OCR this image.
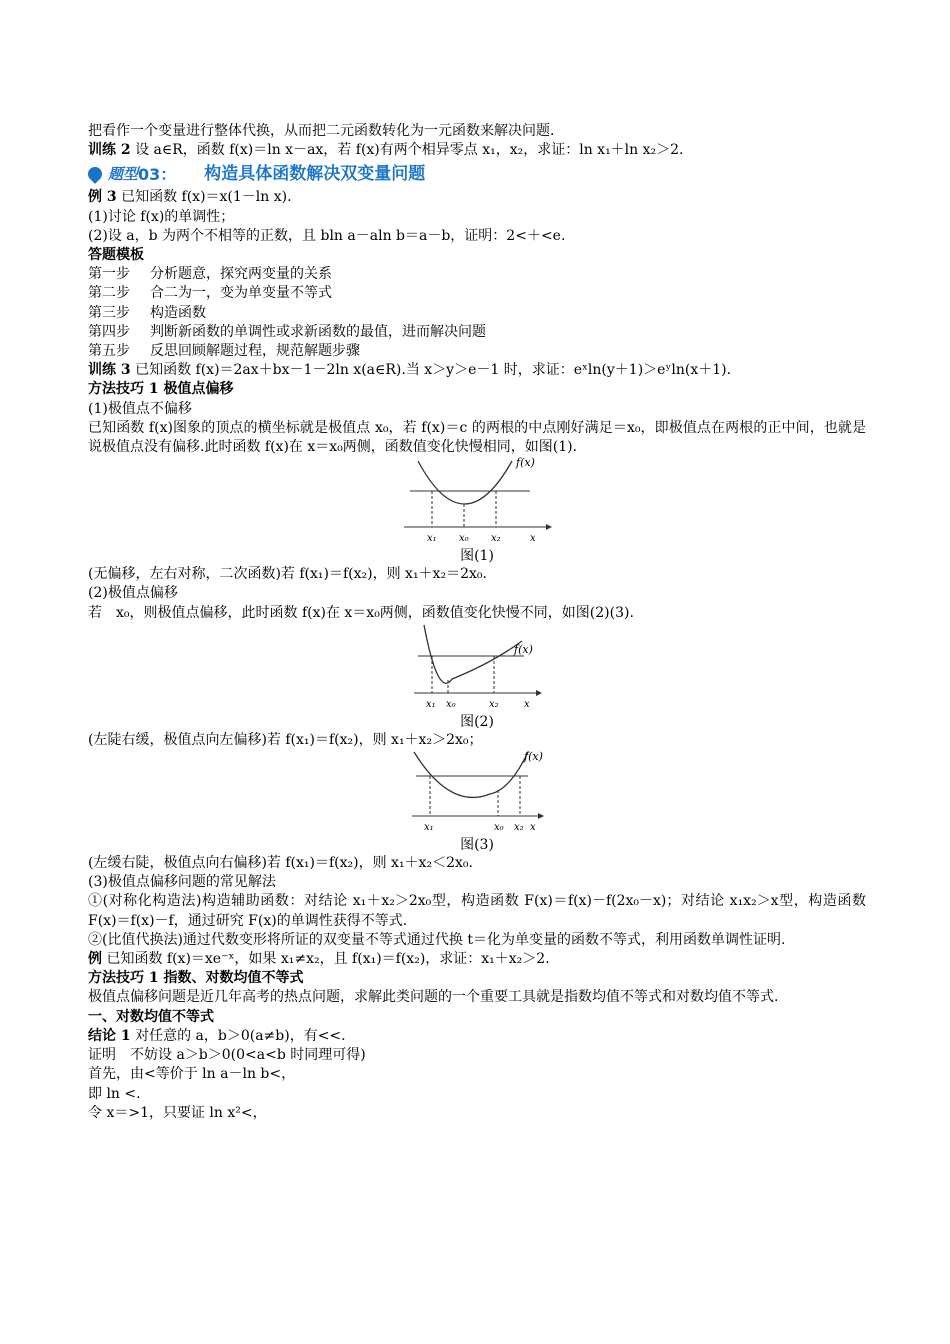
把看作一个变量进行整体代换，从而把二元函数转化为一元函数来解决问题.
训练 2 设 a∈R，函数 f(x)＝ln x－ax，若 f(x)有两个相异零点 x₁，x₂，求证：ln x₁＋ln x₂＞2.
题型 03： 构造具体函数解决双变量问题
例 3 已知函数 f(x)＝x(1－ln x).
(1)讨论 f(x)的单调性；
(2)设 a，b 为两个不相等的正数，且 bln a－aln b＝a－b，证明：2<＋<e.
答题模板
第一步	分析题意，探究两变量的关系
第二步	合二为一，变为单变量不等式
第三步	构造函数
第四步	判断新函数的单调性或求新函数的最值，进而解决问题
第五步	反思回顾解题过程，规范解题步骤
训练 3 已知函数 f(x)＝2ax＋bx－1－2ln x(a∈R).当 x＞y＞e－1 时，求证：eˣln(y＋1)＞eʸln(x＋1).
方法技巧 1 极值点偏移
(1)极值点不偏移
已知函数 f(x)图象的顶点的横坐标就是极值点 x₀，若 f(x)＝c 的两根的中点刚好满足＝x₀，即极值点在两根的正中间，也就是说极值点没有偏移.此时函数 f(x)在 x＝x₀两侧，函数值变化快慢相同，如图(1).
f(x)
x₁ x₀ x₂	x
图(1)
(无偏移，左右对称，二次函数)若 f(x₁)＝f(x₂)，则 x₁＋x₂＝2x₀.
(2)极值点偏移
若　x₀，则极值点偏移，此时函数 f(x)在 x＝x₀两侧，函数值变化快慢不同，如图(2)(3).
f(x)
x₁ x₀	x₂	x
图(2)
(左陡右缓，极值点向左偏移)若 f(x₁)＝f(x₂)，则 x₁＋x₂＞2x₀；
f(x)
x₁	x₀ x₂ x
图(3)
(左缓右陡，极值点向右偏移)若 f(x₁)＝f(x₂)，则 x₁＋x₂＜2x₀.
(3)极值点偏移问题的常见解法
①(对称化构造法)构造辅助函数：对结论 x₁＋x₂＞2x₀型，构造函数 F(x)＝f(x)－f(2x₀－x)；对结论 x₁x₂＞x型，构造函数 F(x)＝f(x)－f，通过研究 F(x)的单调性获得不等式.
②(比值代换法)通过代数变形将所证的双变量不等式通过代换 t＝化为单变量的函数不等式，利用函数单调性证明.
例 已知函数 f(x)＝xe⁻ˣ，如果 x₁≠x₂，且 f(x₁)＝f(x₂)，求证：x₁＋x₂＞2.
方法技巧 1 指数、对数均值不等式
极值点偏移问题是近几年高考的热点问题，求解此类问题的一个重要工具就是指数均值不等式和对数均值不等式.
一、对数均值不等式
结论 1 对任意的 a，b＞0(a≠b)，有<<.
证明　不妨设 a＞b＞0(0<a<b 时同理可得)
首先，由<等价于 ln a－ln b<，
即 ln <.
令 x＝>1，只要证 ln x²<，
